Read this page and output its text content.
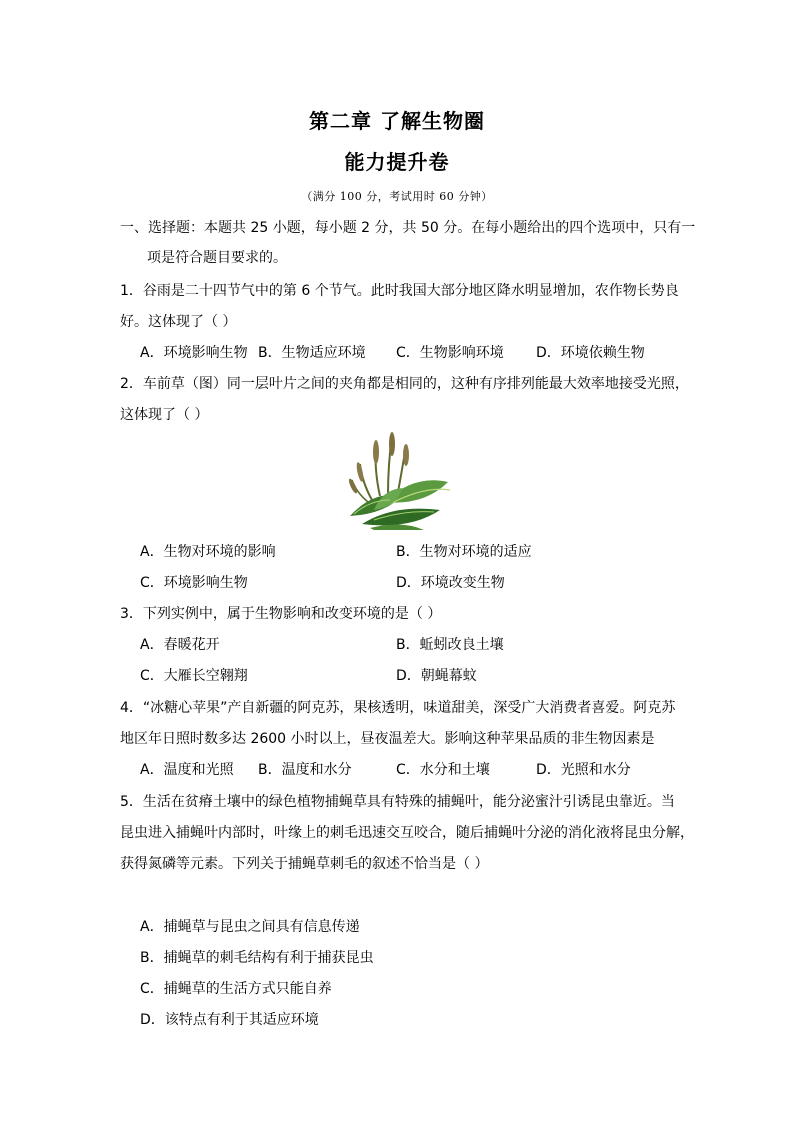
第二章 了解生物圈
能力提升卷
（满分 100 分，考试用时 60 分钟）
一、选择题：本题共 25 小题，每小题 2 分，共 50 分。在每小题给出的四个选项中，只有一
项是符合题目要求的。
1．谷雨是二十四节气中的第 6 个节气。此时我国大部分地区降水明显增加，农作物长势良
好。这体现了（ ）
A．环境影响生物 B．生物适应环境 C．生物影响环境 D．环境依赖生物
2．车前草（图）同一层叶片之间的夹角都是相同的，这种有序排列能最大效率地接受光照，
这体现了（ ）
A．生物对环境的影响	B．生物对环境的适应
C．环境影响生物	D．环境改变生物
3．下列实例中，属于生物影响和改变环境的是（ ）
A．春暖花开	B．蚯蚓改良土壤
C．大雁长空翱翔	D．朝蝇幕蚊
4．“冰糖心苹果”产自新疆的阿克苏，果核透明，味道甜美，深受广大消费者喜爱。阿克苏
地区年日照时数多达 2600 小时以上，昼夜温差大。影响这种苹果品质的非生物因素是
A．温度和光照 B．温度和水分	C．水分和土壤	D．光照和水分
5．生活在贫瘠土壤中的绿色植物捕蝇草具有特殊的捕蝇叶，能分泌蜜汁引诱昆虫靠近。当
昆虫进入捕蝇叶内部时，叶缘上的刺毛迅速交互咬合，随后捕蝇叶分泌的消化液将昆虫分解，
获得氮磷等元素。下列关于捕蝇草刺毛的叙述不恰当是（ ）
A．捕蝇草与昆虫之间具有信息传递
B．捕蝇草的刺毛结构有利于捕获昆虫
C．捕蝇草的生活方式只能自养
D．该特点有利于其适应环境
